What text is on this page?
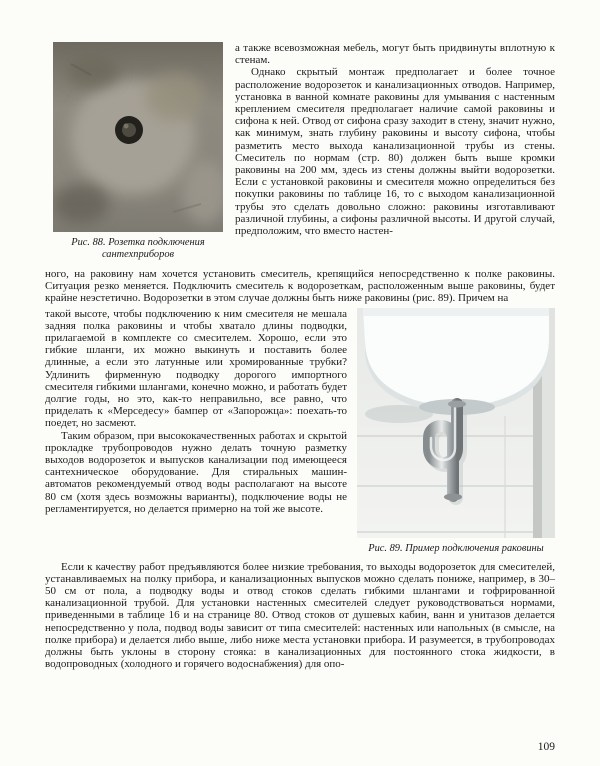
Рис. 88. Розетка подключения сантехприборов

а также всевозможная мебель, могут быть придвинуты вплотную к стенам.

Однако скрытый монтаж предполагает и более точное расположение водорозеток и канализационных отводов. Например, установка в ванной комнате раковины для умывания с настенным креплением смесителя предполагает наличие самой раковины и сифона к ней. Отвод от сифона сразу заходит в стену, значит нужно, как минимум, знать глубину раковины и высоту сифона, чтобы разметить место выхода канализационной трубы из стены. Смеситель по нормам (стр. 80) должен быть выше кромки раковины на 200 мм, здесь из стены должны выйти водорозетки. Если с установкой раковины и смесителя можно определиться без покупки раковины по таблице 16, то с выходом канализационной трубы это сделать довольно сложно: раковины изготавливают различной глубины, а сифоны различной высоты. И другой случай, предположим, что вместо настен-

ного, на раковину нам хочется установить смеситель, крепящийся непосредственно к полке раковины. Ситуация резко меняется. Подключить смеситель к водорозеткам, расположенным выше раковины, будет крайне неэстетично. Водорозетки в этом случае должны быть ниже раковины (рис. 89). Причем на

такой высоте, чтобы подключению к ним смесителя не мешала задняя полка раковины и чтобы хватало длины подводки, прилагаемой в комплекте со смесителем. Хорошо, если это гибкие шланги, их можно выкинуть и поставить более длинные, а если это латунные или хромированные трубки? Удлинить фирменную подводку дорогого импортного смесителя гибкими шлангами, конечно можно, и работать будет долгие годы, но это, как-то неправильно, все равно, что приделать к «Мерседесу» бампер от «Запорожца»: поехать-то поедет, но засмеют.

Таким образом, при высококачественных работах и скрытой прокладке трубопроводов нужно делать точную разметку выходов водорозеток и выпусков канализации под имеющееся сантехническое оборудование. Для стиральных машин-автоматов рекомендуемый отвод воды располагают на высоте 80 см (хотя здесь возможны варианты), подключение воды не регламентируется, но делается примерно на той же высоте.

Рис. 89. Пример подключения раковины

Если к качеству работ предъявляются более низкие требования, то выходы водорозеток для смесителей, устанавливаемых на полку прибора, и канализационных выпусков можно сделать пониже, например, в 30–50 см от пола, а подводку воды и отвод стоков сделать гибкими шлангами и гофрированной канализационной трубой. Для установки настенных смесителей следует руководствоваться нормами, приведенными в таблице 16 и на странице 80. Отвод стоков от душевых кабин, ванн и унитазов делается непосредственно у пола, подвод воды зависит от типа смесителей: настенных или напольных (в смысле, на полке прибора) и делается либо выше, либо ниже места установки прибора. И разумеется, в трубопроводах должны быть уклоны в сторону стояка: в канализационных для постоянного стока жидкости, в водопроводных (холодного и горячего водоснабжения) для опо-

109
